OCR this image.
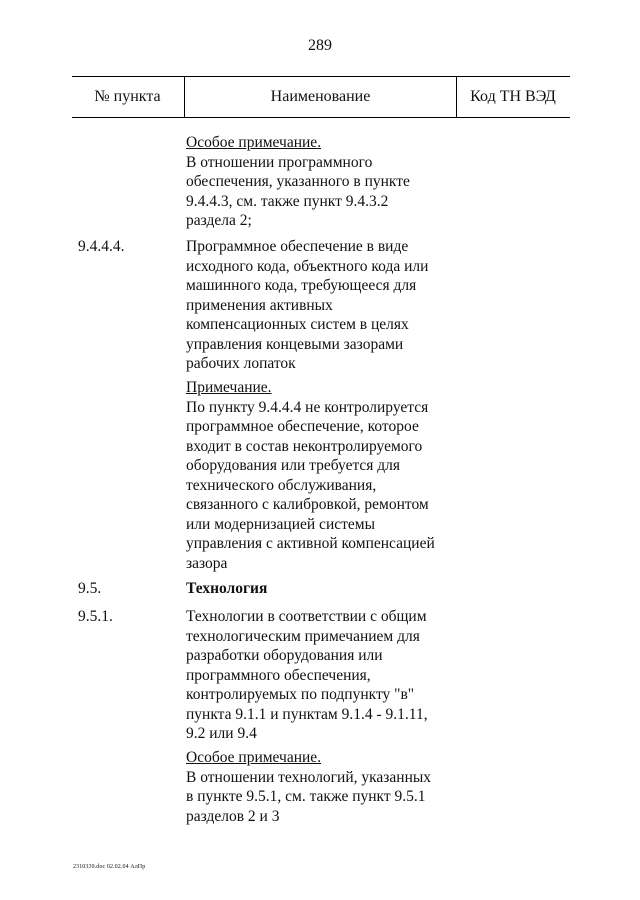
289
№ пункта	Наименование	Код ТН ВЭД
Особое примечание.
В отношении программного
обеспечения, указанного в пункте
9.4.4.3, см. также пункт 9.4.3.2
раздела 2;
9.4.4.4.	Программное обеспечение в виде
исходного кода, объектного кода или
машинного кода, требующееся для
применения активных
компенсационных систем в целях
управления концевыми зазорами
рабочих лопаток
Примечание.
По пункту 9.4.4.4 не контролируется
программное обеспечение, которое
входит в состав неконтролируемого
оборудования или требуется для
технического обслуживания,
связанного с калибровкой, ремонтом
или модернизацией системы
управления с активной компенсацией
зазора
9.5.	Технология
9.5.1.	Технологии в соответствии с общим
технологическим примечанием для
разработки оборудования или
программного обеспечения,
контролируемых по подпункту "в"
пункта 9.1.1 и пунктам 9.1.4 - 9.1.11,
9.2 или 9.4
Особое примечание.
В отношении технологий, указанных
в пункте 9.5.1, см. также пункт 9.5.1
разделов 2 и 3
2310339.doc 02.02.04 АлПр
